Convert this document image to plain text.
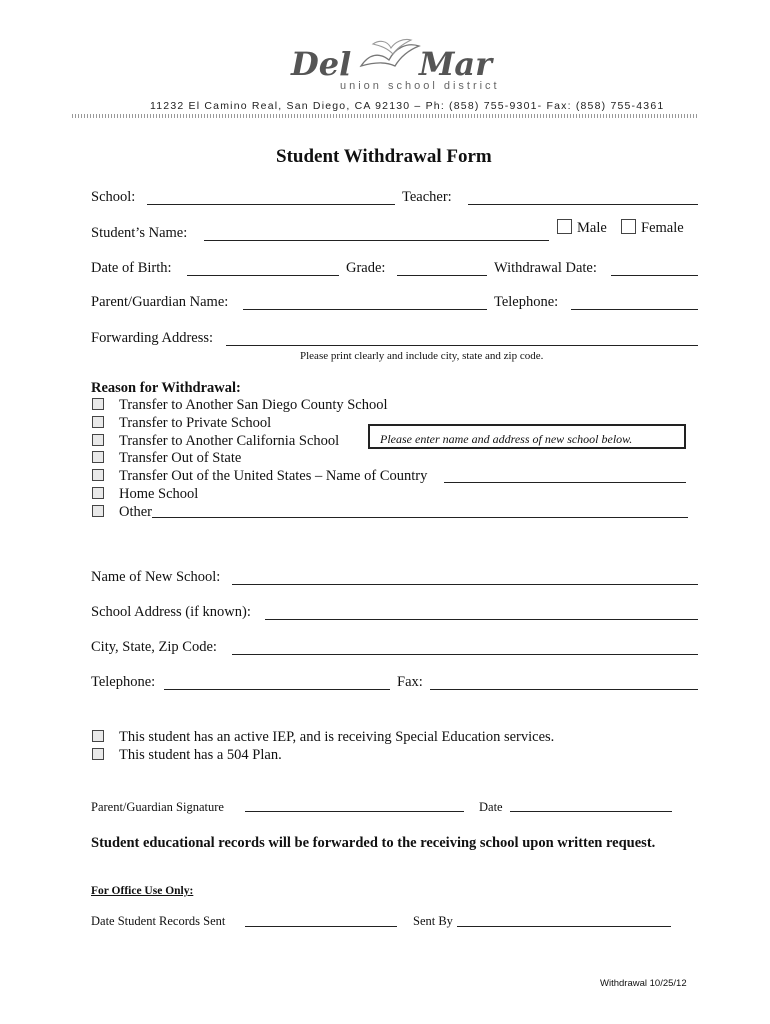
Del Mar
union school district
11232 El Camino Real, San Diego, CA 92130 – Ph: (858) 755-9301- Fax: (858) 755-4361
Student Withdrawal Form
School:	Teacher:
Student’s Name:	Male Female
Date of Birth:	Grade:	Withdrawal Date:
Parent/Guardian Name:	Telephone:
Forwarding Address:
Please print clearly and include city, state and zip code.
Reason for Withdrawal:
Transfer to Another San Diego County School
Transfer to Private School
Transfer to Another California School	Please enter name and address of new school below.
Transfer Out of State
Transfer Out of the United States – Name of Country
Home School
Other
Name of New School:
School Address (if known):
City, State, Zip Code:
Telephone:	Fax:
This student has an active IEP, and is receiving Special Education services.
This student has a 504 Plan.
Parent/Guardian Signature	Date
Student educational records will be forwarded to the receiving school upon written request.
For Office Use Only:
Date Student Records Sent	Sent By
Withdrawal 10/25/12
